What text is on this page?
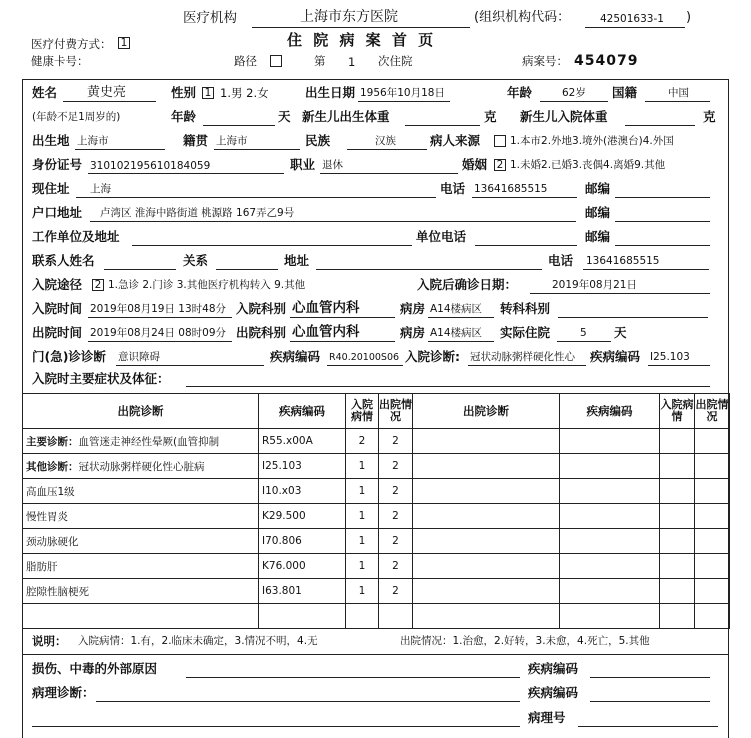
医疗机构	上海市东方医院	(组织机构代码：	42501633-1 )
医疗付费方式： 1	住 院 病 案 首 页
健康卡号：	路径	第 1 次住院	病案号： 454079
姓名 黄史亮	性别 1 1.男 2.女	出生日期 1956年10月18日	年龄	62岁 国籍	中国
(年龄不足1周岁的)	年龄	天 新生儿出生体重	克 新生儿入院体重	克
出生地 上海市	籍贯 上海市	民族	汉族	病人来源	1.本市2.外地3.境外(港澳台)4.外国
身份证号 310102195610184059	职业 退休	婚姻 2 1.未婚2.已婚3.丧偶4.离婚9.其他
现住址 上海	电话 13641685515	邮编
户口地址 卢湾区 淮海中路街道 桃源路 167弄乙9号	邮编
工作单位及地址	单位电话	邮编
联系人姓名	关系	地址	电话 13641685515
入院途径 2 1.急诊 2.门诊 3.其他医疗机构转入 9.其他	入院后确诊日期：	2019年08月21日
入院时间 2019年08月19日 13时48分 入院科别 心血管内科	病房 A14楼病区 转科科别
出院时间 2019年08月24日 08时09分 出院科别 心血管内科	病房 A14楼病区 实际住院	5 天
门(急)诊诊断 意识障碍	疾病编码 R40.20100S06 入院诊断: 冠状动脉粥样硬化性心	疾病编码 I25.103
入院时主要症状及体征：
出院诊断	疾病编码	入院病情	出院情况	出院诊断	疾病编码	入院病情	出院情况
主要诊断：血管迷走神经性晕厥(血管抑制	R55.x00A	2	2				
其他诊断：冠状动脉粥样硬化性心脏病	I25.103	1	2				
高血压1级	I10.x03	1	2				
慢性胃炎	K29.500	1	2				
颈动脉硬化	I70.806	1	2				
脂肪肝	K76.000	1	2				
腔隙性脑梗死	I63.801	1	2				

说明： 入院病情：1.有，2.临床未确定，3.情况不明，4.无	出院情况：1.治愈，2.好转，3.未愈，4.死亡，5.其他
损伤、中毒的外部原因	疾病编码
病理诊断：	疾病编码
病理号
